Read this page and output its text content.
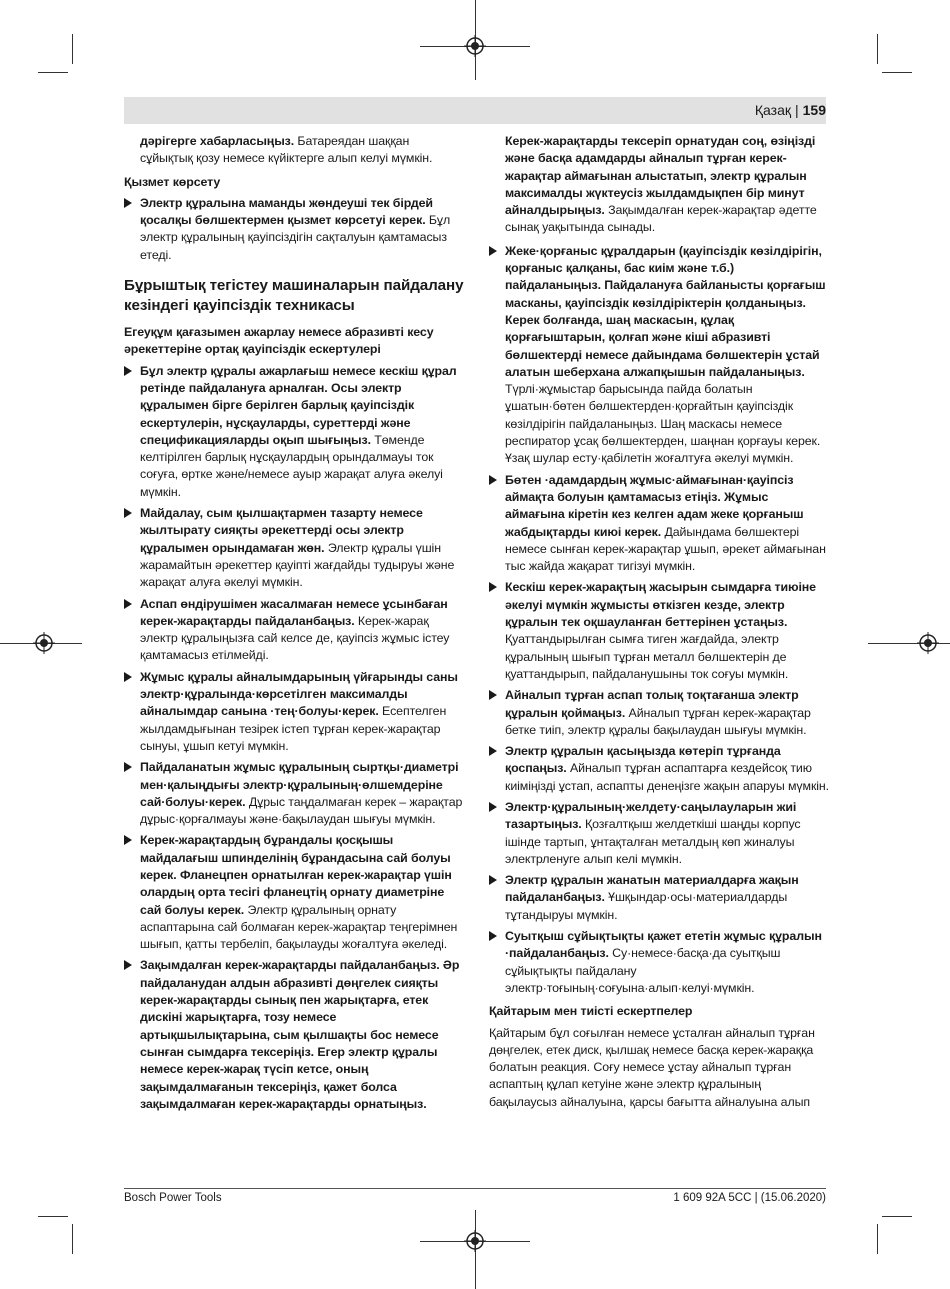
Қазақ | 159

дәрігерге хабарласыңыз. Батареядан шаққан сұйықтық қозу немесе күйіктерге алып келуі мүмкін.

Қызмет көрсету

Электр құралына маманды жөндеуші тек бірдей қосалқы бөлшектермен қызмет көрсетуі керек. Бұл электр құралының қауіпсіздігін сақталуын қамтамасыз етеді.

Бұрыштық тегістеу машиналарын пайдалану кезіндегі қауіпсіздік техникасы

Егеуқұм қағазымен ажарлау немесе абразивті кесу әрекеттеріне ортақ қауіпсіздік ескертулері

Бұл электр құралы ажарлағыш немесе кескіш құрал ретінде пайдалануға арналған. Осы электр құралымен бірге берілген барлық қауіпсіздік ескертулерін, нұсқауларды, суреттерді және спецификацияларды оқып шығыңыз. Төменде келтірілген барлық нұсқаулардың орындалмауы ток соғуға, өртке және/немесе ауыр жарақат алуға әкелуі мүмкін.
Майдалау, сым қылшақтармен тазарту немесе жылтырату сияқты әрекеттерді осы электр құралымен орындамаған жөн. Электр құралы үшін жарамайтын әрекеттер қауіпті жағдайды тудыруы және жарақат алуға әкелуі мүмкін.
Аспап өндірушімен жасалмаған немесе ұсынбаған керек-жарақтарды пайдаланбаңыз. Керек-жарақ электр құралыңызға сай келсе де, қауіпсіз жұмыс істеу қамтамасыз етілмейді.
Жұмыс құралы айналымдарының үйғарынды саны электр·құралында·көрсетілген максималды айналымдар санына ·тең·болуы·керек. Есептелген жылдамдығынан тезірек істеп тұрған керек-жарақтар сынуы, ұшып кетуі мүмкін.
Пайдаланатын жұмыс құралының сыртқы·диаметрі мен·қалыңдығы электр·құралының·өлшемдеріне сай·болуы·керек. Дұрыс таңдалмаған керек – жарақтар дұрыс·қорғалмауы және·бақылаудан шығуы мүмкін.
Керек-жарақтардың бұрандалы қосқышы майдалағыш шпинделінің бұрандасына сай болуы керек. Фланецпен орнатылған керек-жарақтар үшін олардың орта тесігі фланецтің орнату диаметріне сай болуы керек. Электр құралының орнату аспаптарына сай болмаған керек-жарақтар теңгерімнен шығып, қатты тербеліп, бақылауды жоғалтуға әкеледі.
Зақымдалған керек-жарақтарды пайдаланбаңыз. Әр пайдаланудан алдын абразивті дөңгелек сияқты керек-жарақтарды сынық пен жарықтарға, етек дискіні жарықтарға, тозу немесе артықшылықтарына, сым қылшақты бос немесе сынған сымдарға тексеріңіз. Егер электр құралы немесе керек-жарақ түсіп кетсе, оның зақымдалмағанын тексеріңіз, қажет болса зақымдалмаған керек-жарақтарды орнатыңыз.

Керек-жарақтарды тексеріп орнатудан соң, өзіңізді және басқа адамдарды айналып тұрған керек-жарақтар аймағынан алыстатып, электр құралын максималды жүктеусіз жылдамдықпен бір минут айналдырыңыз. Зақымдалған керек-жарақтар әдетте сынақ уақытында сынады.

Жеке·қорғаныс құралдарын (қауіпсіздік көзілдірігін, қорғаныс қалқаны, бас киім және т.б.) пайдаланыңыз. Пайдалануға байланысты қорғағыш масканы, қауіпсіздік көзілдіріктерін қолданыңыз. Керек болғанда, шаң маскасын, құлақ қорғағыштарын, қолғап және кіші абразивті бөлшектерді немесе дайындама бөлшектерін ұстай алатын шеберхана алжапқышын пайдаланыңыз. Түрлі·жұмыстар барысында пайда болатын ұшатын·бөтен бөлшектерден·қорғайтын қауіпсіздік көзілдірігін пайдаланыңыз. Шаң маскасы немесе респиратор ұсақ бөлшектерден, шаңнан қорғауы керек. Ұзақ шулар есту·қабілетін жоғалтуға әкелуі мүмкін.
Бөтен ·адамдардың жұмыс·аймағынан·қауіпсіз аймақта болуын қамтамасыз етіңіз. Жұмыс аймағына кіретін кез келген адам жеке қорғаныш жабдықтарды киюі керек. Дайындама бөлшектері немесе сынған керек-жарақтар ұшып, әрекет аймағынан тыс жайда жақарат тигізуі мүмкін.
Кескіш керек-жарақтың жасырын сымдарға тиюіне әкелуі мүмкін жұмысты өткізген кезде, электр құралын тек оқшауланған беттерінен ұстаңыз. Қуаттандырылған сымға тиген жағдайда, электр құралының шығып тұрған металл бөлшектерін де қуаттандырып, пайдаланушыны ток соғуы мүмкін.
Айналып тұрған аспап толық тоқтағанша электр құралын қоймаңыз. Айналып тұрған керек-жарақтар бетке тиіп, электр құралы бақылаудан шығуы мүмкін.
Электр құралын қасыңызда көтеріп тұрғанда қоспаңыз. Айналып тұрған аспаптарға кездейсоқ тию киіміңізді ұстап, аспапты денеңізге жақын апаруы мүмкін.
Электр·құралының·желдету·саңылауларын жиі тазартыңыз. Қозғалтқыш желдеткіші шаңды корпус ішінде тартып, ұнтақталған металдың көп жиналуы электрленуге алып келі мүмкін.
Электр құралын жанатын материалдарға жақын пайдаланбаңыз. Ұшқындар·осы·материалдарды тұтандыруы мүмкін.
Суытқыш сұйықтықты қажет ететін жұмыс құралын ·пайдаланбаңыз. Су·немесе·басқа·да суытқыш сұйықтықты пайдалану электр·тоғының·соғуына·алып·келуі·мүмкін.

Қайтарым мен тиісті ескертпелер

Қайтарым бұл соғылған немесе ұсталған айналып тұрған дөңгелек, етек диск, қылшақ немесе басқа керек-жараққа болатын реакция. Соғу немесе ұстау айналып тұрған аспаптың құлап кетуіне және электр құралының бақылаусыз айналуына, қарсы бағытта айналуына алып

Bosch Power Tools	1 609 92A 5CC | (15.06.2020)
